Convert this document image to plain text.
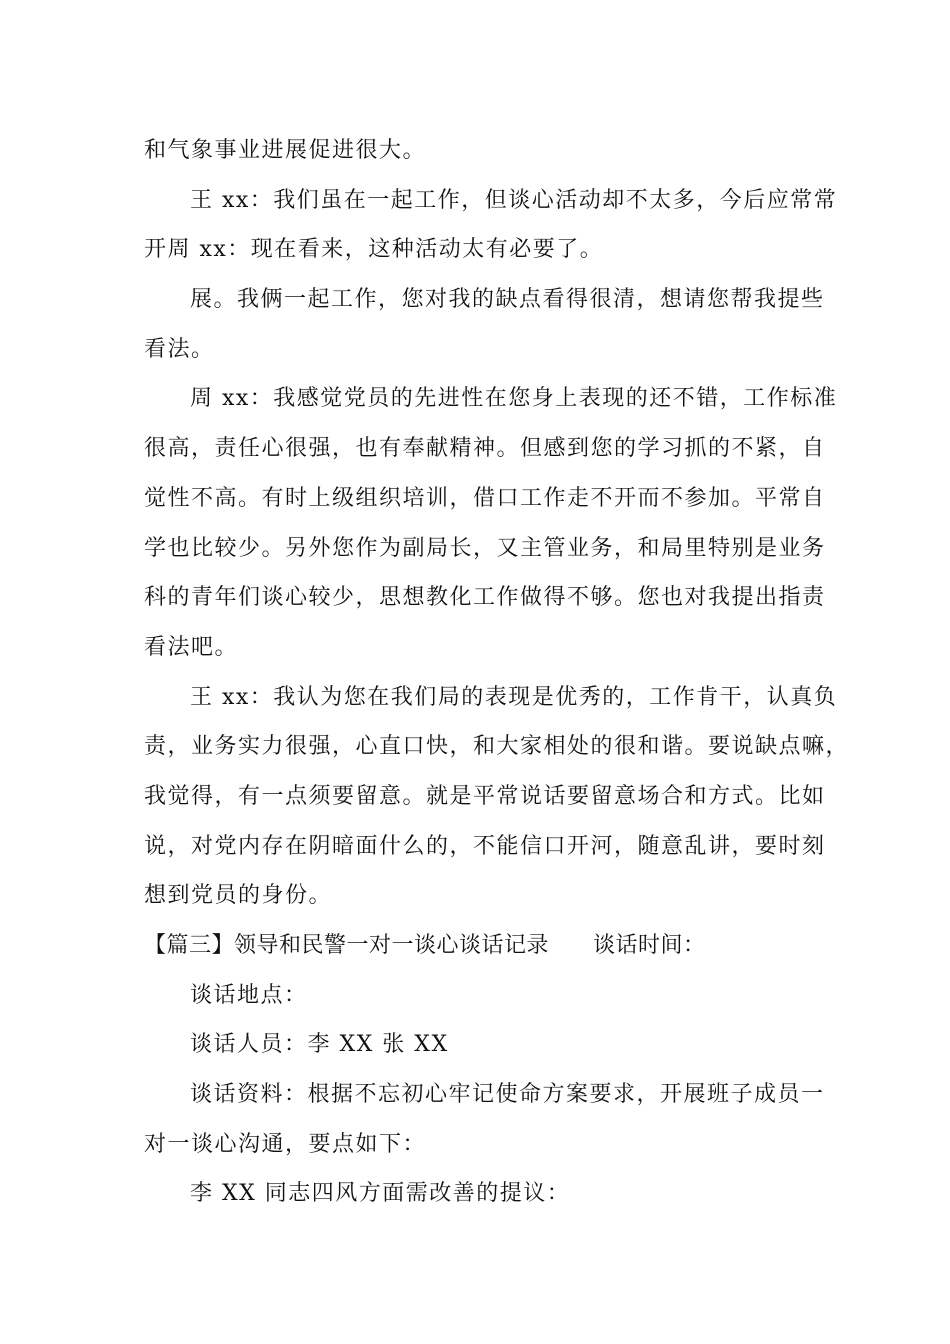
和气象事业进展促进很大。
王 xx：我们虽在一起工作，但谈心活动却不太多，今后应常常
开周 xx：现在看来，这种活动太有必要了。
展。我俩一起工作，您对我的缺点看得很清，想请您帮我提些
看法。
周 xx：我感觉党员的先进性在您身上表现的还不错，工作标准
很高，责任心很强，也有奉献精神。但感到您的学习抓的不紧，自
觉性不高。有时上级组织培训，借口工作走不开而不参加。平常自
学也比较少。另外您作为副局长，又主管业务，和局里特别是业务
科的青年们谈心较少，思想教化工作做得不够。您也对我提出指责
看法吧。
王 xx：我认为您在我们局的表现是优秀的，工作肯干，认真负
责，业务实力很强，心直口快，和大家相处的很和谐。要说缺点嘛，
我觉得，有一点须要留意。就是平常说话要留意场合和方式。比如
说，对党内存在阴暗面什么的，不能信口开河，随意乱讲，要时刻
想到党员的身份。
【篇三】领导和民警一对一谈心谈话记录 谈话时间：
谈话地点：
谈话人员：李 XX 张 XX
谈话资料：根据不忘初心牢记使命方案要求，开展班子成员一
对一谈心沟通，要点如下：
李 XX 同志四风方面需改善的提议：
